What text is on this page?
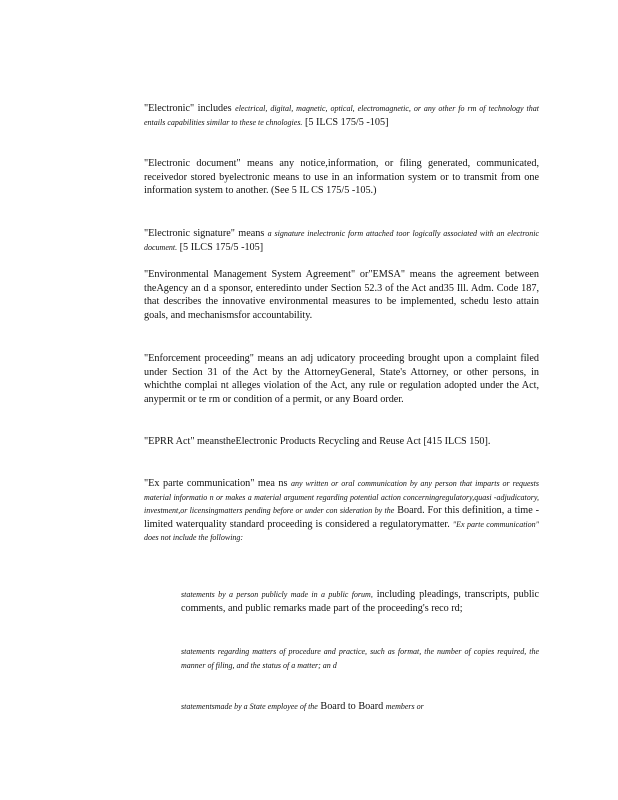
"Electronic" includes electrical, digital, magnetic, optical, electromagnetic, or any other fo rm of technology that entails capabilities similar to these te chnologies. [5 ILCS 175/5 -105]

"Electronic document" means any notice,information, or filing generated, communicated, receivedor stored byelectronic means to use in an information system or to transmit from one information system to another. (See 5 IL CS 175/5 -105.)

"Electronic signature" means a signature inelectronic form attached toor logically associated with an electronic document. [5 ILCS 175/5 -105]

"Environmental Management System Agreement" or"EMSA" means the agreement between theAgency an d a sponsor, enteredinto under Section 52.3 of the Act and35 Ill. Adm. Code 187, that describes the innovative environmental measures to be implemented, schedu lesto attain goals, and mechanismsfor accountability.

"Enforcement proceeding" means an adj udicatory proceeding brought upon a complaint filed under Section 31 of the Act by the AttorneyGeneral, State's Attorney, or other persons, in whichthe complai nt alleges violation of the Act, any rule or regulation adopted under the Act, anypermit or te rm or condition of a permit, or any Board order.

"EPRR Act" meanstheElectronic Products Recycling and Reuse Act [415 ILCS 150].

"Ex parte communication" mea ns any written or oral communication by any person that imparts or requests material informatio n or makes a material argument regarding potential action concerningregulatory,quasi -adjudicatory, investment,or licensingmatters pending before or under con sideration by the Board. For this definition, a time -limited waterquality standard proceeding is considered a regulatorymatter. "Ex parte communication" does not include the following:

statements by a person publicly made in a public forum, including pleadings, transcripts, public comments, and public remarks made part of the proceeding's reco rd;

statements regarding matters of procedure and practice, such as format, the number of copies required, the manner of filing, and the status of a matter; an d

statementsmade by a State employee of the Board to Board members or
